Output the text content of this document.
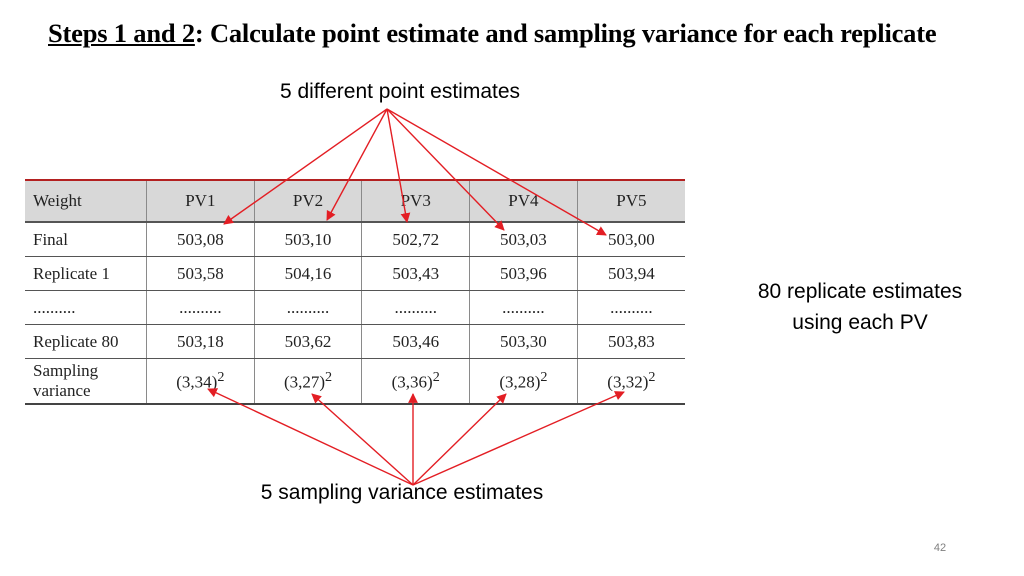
Steps 1 and 2: Calculate point estimate and sampling variance for each replicate
5 different point estimates
Weight	PV1	PV2	PV3	PV4	PV5
Final	503,08	503,10	502,72	503,03	503,00
Replicate 1	503,58	504,16	503,43	503,96	503,94
..........	..........	..........	..........	..........	..........
Replicate 80	503,18	503,62	503,46	503,30	503,83

Sampling
variance	$(3,34)^2$	$(3,27)^2$	$(3,36)^2$	$(3,28)^2$	$(3,32)^2$
80 replicate estimates
using each PV
5 sampling variance estimates
42
